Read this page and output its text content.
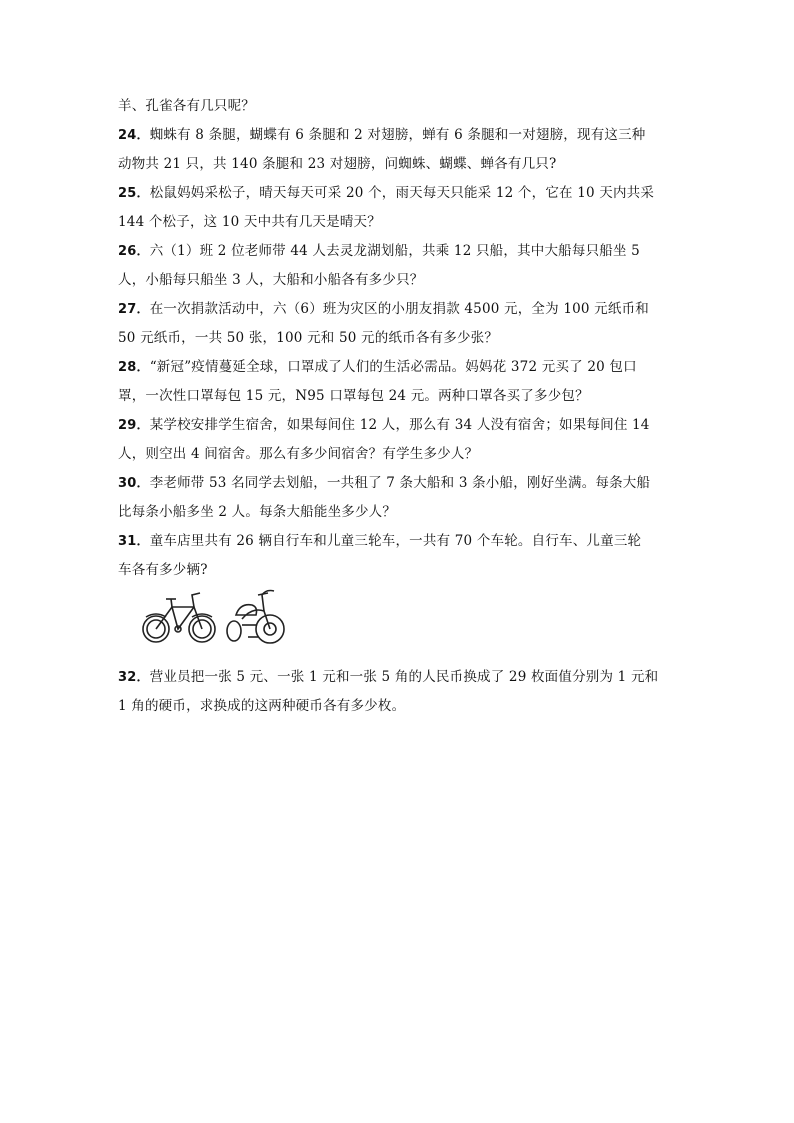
羊、孔雀各有几只呢？
24．蜘蛛有 8 条腿，蝴蝶有 6 条腿和 2 对翅膀，蝉有 6 条腿和一对翅膀，现有这三种
动物共 21 只，共 140 条腿和 23 对翅膀，问蜘蛛、蝴蝶、蝉各有几只?
25．松鼠妈妈采松子，晴天每天可采 20 个，雨天每天只能采 12 个，它在 10 天内共采
144 个松子，这 10 天中共有几天是晴天？
26．六（1）班 2 位老师带 44 人去灵龙湖划船，共乘 12 只船，其中大船每只船坐 5
人，小船每只船坐 3 人，大船和小船各有多少只？
27．在一次捐款活动中，六（6）班为灾区的小朋友捐款 4500 元，全为 100 元纸币和
50 元纸币，一共 50 张，100 元和 50 元的纸币各有多少张？
28．“新冠”疫情蔓延全球，口罩成了人们的生活必需品。妈妈花 372 元买了 20 包口
罩，一次性口罩每包 15 元，N95 口罩每包 24 元。两种口罩各买了多少包？
29．某学校安排学生宿舍，如果每间住 12 人，那么有 34 人没有宿舍；如果每间住 14
人，则空出 4 间宿舍。那么有多少间宿舍？有学生多少人？
30．李老师带 53 名同学去划船，一共租了 7 条大船和 3 条小船，刚好坐满。每条大船
比每条小船多坐 2 人。每条大船能坐多少人？
31．童车店里共有 26 辆自行车和儿童三轮车，一共有 70 个车轮。自行车、儿童三轮
车各有多少辆?
32．营业员把一张 5 元、一张 1 元和一张 5 角的人民币换成了 29 枚面值分别为 1 元和
1 角的硬币，求换成的这两种硬币各有多少枚。
